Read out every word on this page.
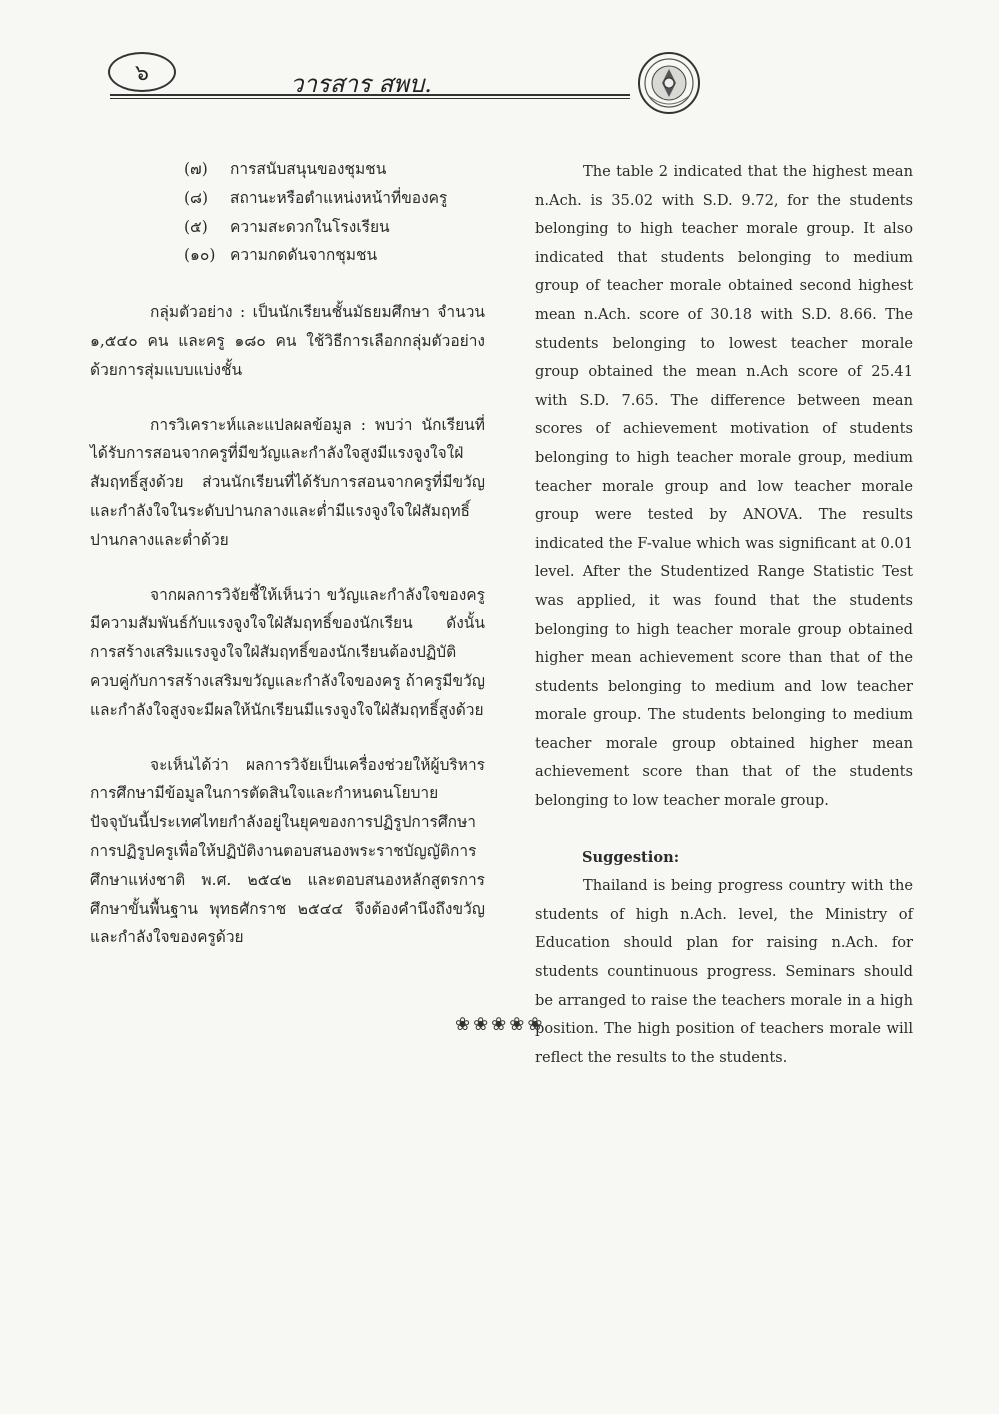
๖	วารสาร สพบ.
(๗) การสนับสนุนของชุมชน
(๘) สถานะหรือตำแหน่งหน้าที่ของครู
(๕) ความสะดวกในโรงเรียน
(๑๐) ความกดดันจากชุมชน

กลุ่มตัวอย่าง : เป็นนักเรียนชั้นมัธยมศึกษา จำนวน ๑,๕๔๐ คน และครู ๑๘๐ คน ใช้วิธีการเลือกกลุ่มตัวอย่างด้วยการสุ่มแบบแบ่งชั้น

การวิเคราะห์และแปลผลข้อมูล : พบว่า นักเรียนที่ได้รับการสอนจากครูที่มีขวัญและกำลังใจสูงมีแรงจูงใจใฝ่สัมฤทธิ์สูงด้วย ส่วนนักเรียนที่ได้รับการสอนจากครูที่มีขวัญและกำลังใจในระดับปานกลางและต่ำมีแรงจูงใจใฝ่สัมฤทธิ์ปานกลางและต่ำด้วย

จากผลการวิจัยชี้ให้เห็นว่า ขวัญและกำลังใจของครูมีความสัมพันธ์กับแรงจูงใจใฝ่สัมฤทธิ์ของนักเรียน ดังนั้น การสร้างเสริมแรงจูงใจใฝ่สัมฤทธิ์ของนักเรียนต้องปฏิบัติควบคู่กับการสร้างเสริมขวัญและกำลังใจของครู ถ้าครูมีขวัญและกำลังใจสูงจะมีผลให้นักเรียนมีแรงจูงใจใฝ่สัมฤทธิ์สูงด้วย

จะเห็นได้ว่า ผลการวิจัยเป็นเครื่องช่วยให้ผู้บริหารการศึกษามีข้อมูลในการตัดสินใจและกำหนดนโยบาย ปัจจุบันนี้ประเทศไทยกำลังอยู่ในยุคของการปฏิรูปการศึกษา การปฏิรูปครูเพื่อให้ปฏิบัติงานตอบสนองพระราชบัญญัติการศึกษาแห่งชาติ พ.ศ. ๒๕๔๒ และตอบสนองหลักสูตรการศึกษาขั้นพื้นฐาน พุทธศักราช ๒๕๔๔ จึงต้องคำนึงถึงขวัญและกำลังใจของครูด้วย

The table 2 indicated that the highest mean n.Ach. is 35.02 with S.D. 9.72, for the students belonging to high teacher morale group. It also indicated that students belonging to medium group of teacher morale obtained second highest mean n.Ach. score of 30.18 with S.D. 8.66. The students belonging to lowest teacher morale group obtained the mean n.Ach score of 25.41 with S.D. 7.65. The difference between mean scores of achievement motivation of students belonging to high teacher morale group, medium teacher morale group and low teacher morale group were tested by ANOVA. The results indicated the F-value which was significant at 0.01 level. After the Studentized Range Statistic Test was applied, it was found that the students belonging to high teacher morale group obtained higher mean achievement score than that of the students belonging to medium and low teacher morale group. The students belonging to medium teacher morale group obtained higher mean achievement score than that of the students belonging to low teacher morale group.

Suggestion:

Thailand is being progress country with the students of high n.Ach. level, the Ministry of Education should plan for raising n.Ach. for students countinuous progress. Seminars should be arranged to raise the teachers morale in a high position. The high position of teachers morale will reflect the results to the students.

❀❀❀❀❀
